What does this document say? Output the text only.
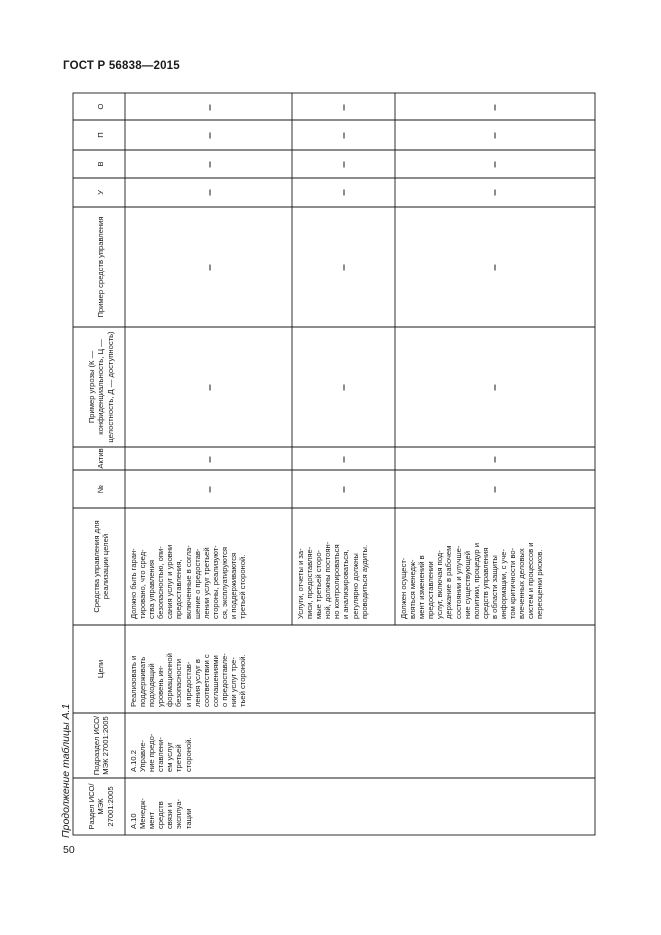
ГОСТ Р 56838—2015
50
Продолжение таблицы А.1
О
П
В
У
Пример средств управления
Пример угрозы (К — конфиденциальность, Ц — целостность, Д — доступность)
Актив
№
Средства управления для реализации целей
Цели
Подраздел ИСО/МЭК 27001:2005
Раздел ИСО/МЭК 27001:2005	А.10
Менедж-
мент
средств
связи и
эксплуа-
тации
А.10.2
Управле-
ние предо-
ставлени-
ем услуг
третьей
стороной.
Реализовать и
поддерживать
подходящий
уровень ин-
формационной
безопасности
и предостав-
ления услуг в
соответствии с
соглашениями
о предоставле-
нии услуг тре-
тьей стороной.
Должно быть гаран-
тировано, что сред-
ства управления
безопасностью, опи-
сания услуг и уровни
предоставления,
включенные в согла-
шение о предостав-
лении услуг третьей
стороны, реализуют-
ся, эксплуатируются
и поддерживаются
третьей стороной.
Услуги, отчеты и за-
писи, предоставляе-
мые третьей сторо-
ной, должны постоян-
но контролироваться
и анализироваться,
регулярно должны
проводиться аудиты.
Должен осущест-
вляться менедж-
мент изменений в
предоставлении
услуг, включая под-
держание в рабочем
состоянии и улучше-
ние существующей
политики, процедур и
средств управления
в области защиты
информации, с уче-
том критичности во-
влеченных деловых
систем и процессов и
переоценки рисков.
